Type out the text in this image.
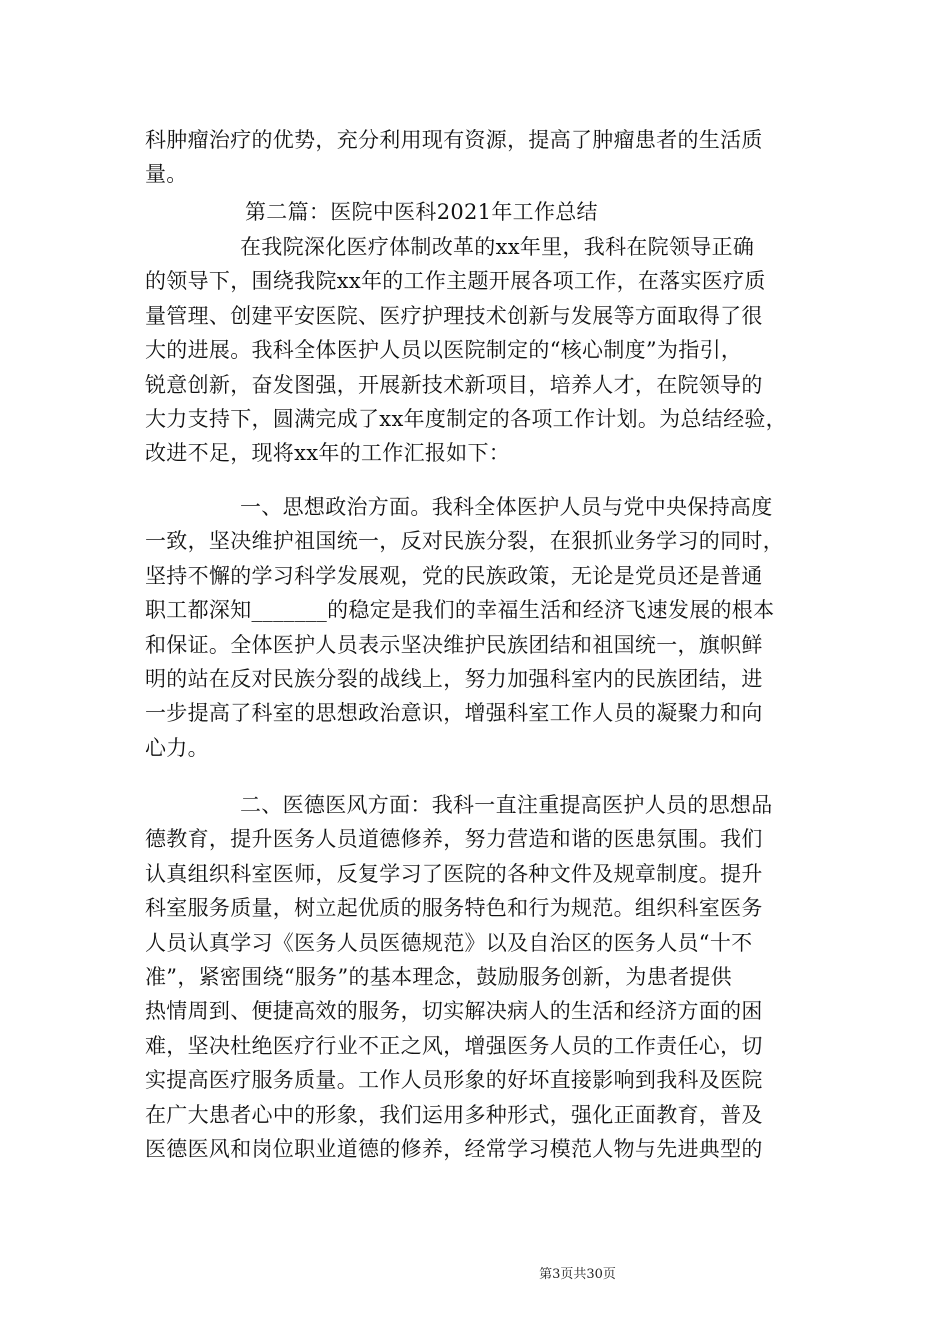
科肿瘤治疗的优势，充分利用现有资源，提高了肿瘤患者的生活质
量。
第二篇：医院中医科2021年工作总结
在我院深化医疗体制改革的xx年里，我科在院领导正确
的领导下，围绕我院xx年的工作主题开展各项工作，在落实医疗质
量管理、创建平安医院、医疗护理技术创新与发展等方面取得了很
大的进展。我科全体医护人员以医院制定的“核心制度”为指引，
锐意创新，奋发图强，开展新技术新项目，培养人才，在院领导的
大力支持下，圆满完成了xx年度制定的各项工作计划。为总结经验，
改进不足，现将xx年的工作汇报如下：
一、思想政治方面。我科全体医护人员与党中央保持高度
一致，坚决维护祖国统一，反对民族分裂，在狠抓业务学习的同时，
坚持不懈的学习科学发展观，党的民族政策，无论是党员还是普通
职工都深知_______的稳定是我们的幸福生活和经济飞速发展的根本
和保证。全体医护人员表示坚决维护民族团结和祖国统一，旗帜鲜
明的站在反对民族分裂的战线上，努力加强科室内的民族团结，进
一步提高了科室的思想政治意识，增强科室工作人员的凝聚力和向
心力。
二、医德医风方面：我科一直注重提高医护人员的思想品
德教育，提升医务人员道德修养，努力营造和谐的医患氛围。我们
认真组织科室医师，反复学习了医院的各种文件及规章制度。提升
科室服务质量，树立起优质的服务特色和行为规范。组织科室医务
人员认真学习《医务人员医德规范》以及自治区的医务人员“十不
准”，紧密围绕“服务”的基本理念，鼓励服务创新，为患者提供
热情周到、便捷高效的服务，切实解决病人的生活和经济方面的困
难，坚决杜绝医疗行业不正之风，增强医务人员的工作责任心，切
实提高医疗服务质量。工作人员形象的好坏直接影响到我科及医院
在广大患者心中的形象，我们运用多种形式，强化正面教育，普及
医德医风和岗位职业道德的修养，经常学习模范人物与先进典型的
第3页共30页
